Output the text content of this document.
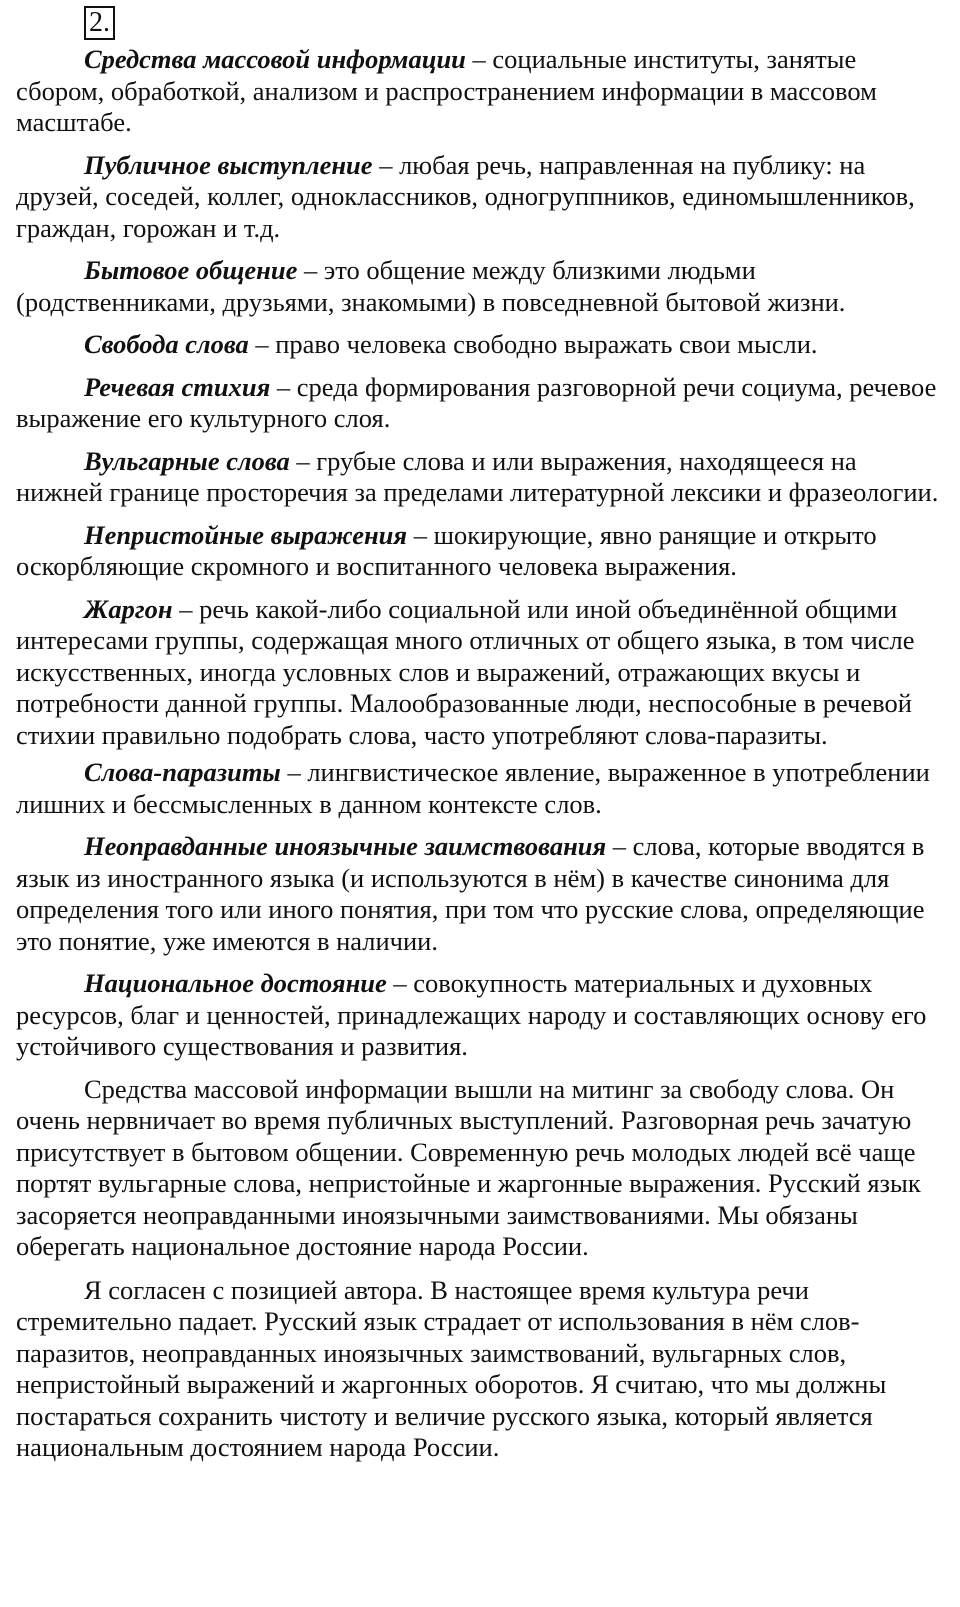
2.

Средства массовой информации – социальные институты, занятые сбором, обработкой, анализом и распространением информации в массовом масштабе.

Публичное выступление – любая речь, направленная на публику: на друзей, соседей, коллег, одноклассников, одногруппников, единомышленников, граждан, горожан и т.д.

Бытовое общение – это общение между близкими людьми (родственниками, друзьями, знакомыми) в повседневной бытовой жизни.

Свобода слова – право человека свободно выражать свои мысли.

Речевая стихия – среда формирования разговорной речи социума, речевое выражение его культурного слоя.

Вульгарные слова – грубые слова и или выражения, находящееся на нижней границе просторечия за пределами литературной лексики и фразеологии.

Непристойные выражения – шокирующие, явно ранящие и открыто оскорбляющие скромного и воспитанного человека выражения.

Жаргон – речь какой-либо социальной или иной объединённой общими интересами группы, содержащая много отличных от общего языка, в том числе искусственных, иногда условных слов и выражений, отражающих вкусы и потребности данной группы. Малообразованные люди, неспособные в речевой стихии правильно подобрать слова, часто употребляют слова-паразиты.

Слова-паразиты – лингвистическое явление, выраженное в употреблении лишних и бессмысленных в данном контексте слов.

Неоправданные иноязычные заимствования – слова, которые вводятся в язык из иностранного языка (и используются в нём) в качестве синонима для определения того или иного понятия, при том что русские слова, определяющие это понятие, уже имеются в наличии.

Национальное достояние – совокупность материальных и духовных ресурсов, благ и ценностей, принадлежащих народу и составляющих основу его устойчивого существования и развития.

Средства массовой информации вышли на митинг за свободу слова. Он очень нервничает во время публичных выступлений. Разговорная речь зачатую присутствует в бытовом общении. Современную речь молодых людей всё чаще портят вульгарные слова, непристойные и жаргонные выражения. Русский язык засоряется неоправданными иноязычными заимствованиями. Мы обязаны оберегать национальное достояние народа России.

Я согласен с позицией автора. В настоящее время культура речи стремительно падает. Русский язык страдает от использования в нём слов-паразитов, неоправданных иноязычных заимствований, вульгарных слов, непристойный выражений и жаргонных оборотов. Я считаю, что мы должны постараться сохранить чистоту и величие русского языка, который является национальным достоянием народа России.
